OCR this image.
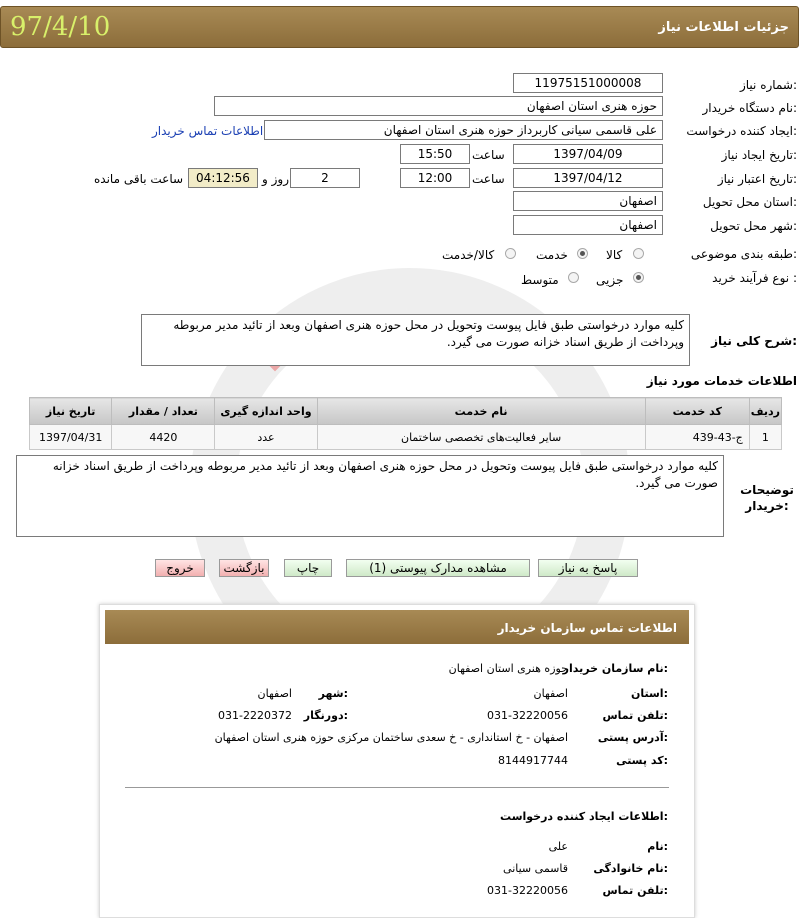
جزئیات اطلاعات نیاز
97/4/10
شماره نیاز:
11975151000008
نام دستگاه خریدار:
حوزه هنری استان اصفهان
ایجاد کننده درخواست:
علی قاسمی سیانی کاربرداز حوزه هنری استان اصفهان
اطلاعات تماس خریدار
تاریخ ایجاد نیاز:
1397/04/09
ساعت
15:50
تاریخ اعتبار نیاز:
1397/04/12
ساعت
12:00
2
روز و
04:12:56
ساعت باقی مانده
استان محل تحویل:
اصفهان
شهر محل تحویل:
اصفهان
طبقه بندی موضوعی:
کالا
خدمت
کالا/خدمت
نوع فرآیند خرید :
جزیی
متوسط
شرح کلی نیاز:
کلیه موارد درخواستی طبق فایل پیوست وتحویل در محل حوزه هنری اصفهان وبعد از تائید مدیر مربوطه وپرداخت از طریق اسناد خزانه صورت می گیرد.
اطلاعات خدمات مورد نیاز
ردیف	کد خدمت	نام خدمت	واحد اندازه گیری	تعداد / مقدار	تاریخ نیاز
1	ج-43-439	سایر فعالیت‌های تخصصی ساختمان	عدد	4420	1397/04/31
توضیحات خریدار:
کلیه موارد درخواستی طبق فایل پیوست وتحویل در محل حوزه هنری اصفهان وبعد از تائید مدیر مربوطه وپرداخت از طریق اسناد خزانه صورت می گیرد.
پاسخ به نیاز
مشاهده مدارک پیوستی (1)
چاپ
بازگشت
خروج
اطلاعات تماس سازمان خریدار
نام سازمان خریدار:
حوزه هنری استان اصفهان
استان:
اصفهان
شهر:
اصفهان
تلفن تماس:
031-32220056
دورنگار:
031-2220372
آدرس پستی:
اصفهان - خ استانداری - خ سعدی ساختمان مرکزی حوزه هنری استان اصفهان
کد پستی:
8144917744
اطلاعات ایجاد کننده درخواست:
نام:
علی
نام خانوادگی:
قاسمی سیانی
تلفن تماس:
031-32220056
